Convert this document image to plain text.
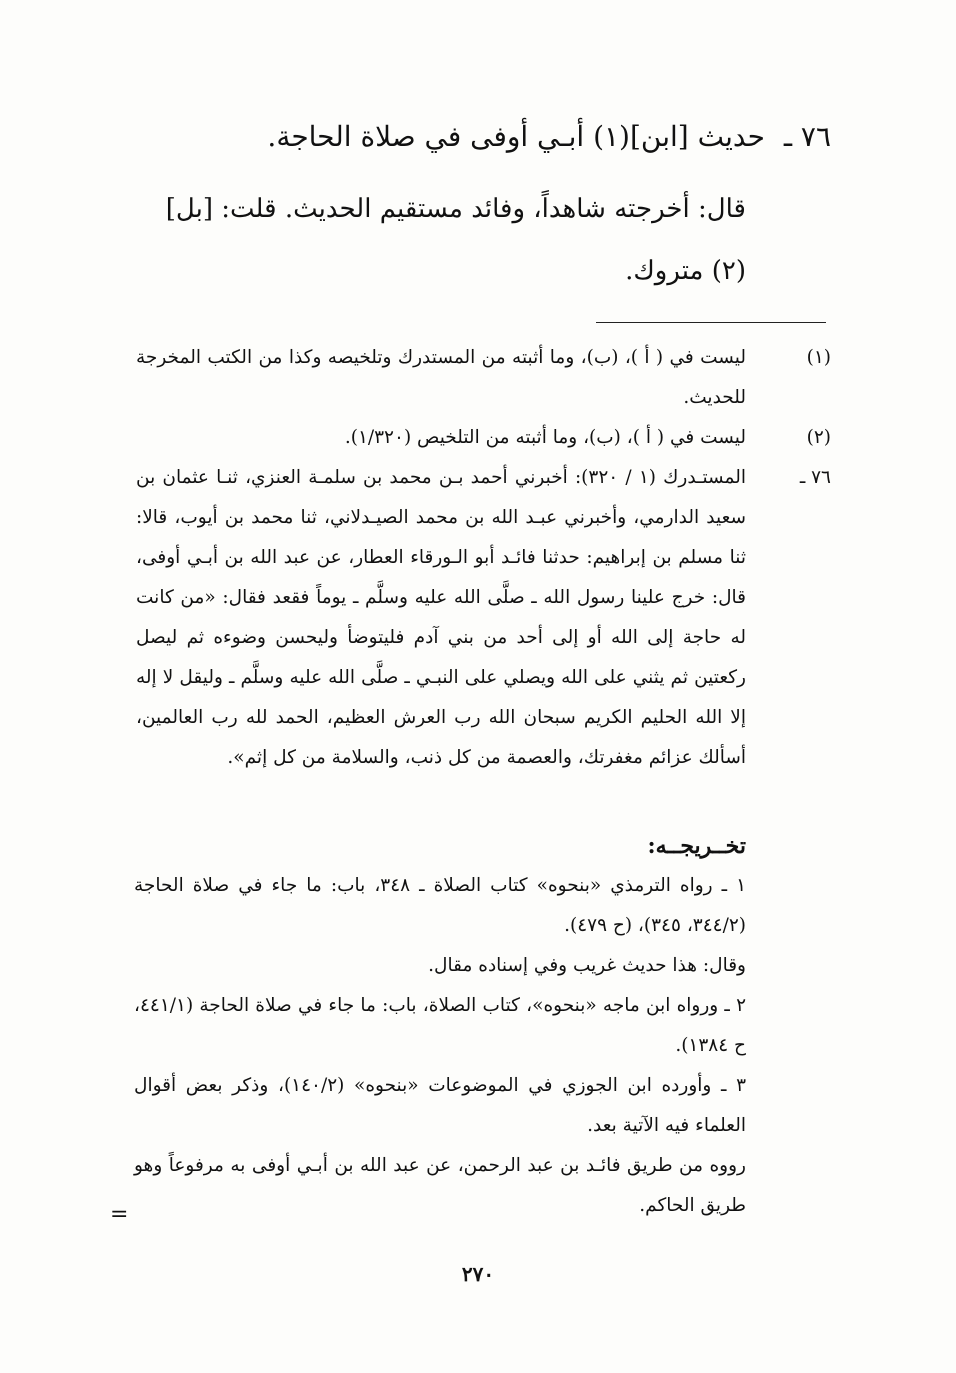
٧٦ ـ حديث [ابن](١) أبـي أوفى في صلاة الحاجة.
قال: أخرجته شاهداً، وفائد مستقيم الحديث. قلت: [بل](٢) متروك.
(١)
ليست في ( أ )، (ب)، وما أثبته من المستدرك وتلخيصه وكذا من الكتب المخرجة للحديث.
(٢)
ليست في ( أ )، (ب)، وما أثبته من التلخيص (١/٣٢٠).
٧٦ ـ
المستـدرك (١ / ٣٢٠): أخبرني أحمد بـن محمد بن سلمـة العنزي، ثنـا عثمان بن سعيد الدارمي، وأخبرني عبـد الله بن محمد الصيـدلاني، ثنا محمد بن أيوب، قالا: ثنا مسلم بن إبراهيم: حدثنا فائـد أبو الـورقاء العطار، عن عبد الله بن أبـي أوفى، قال: خرج علينا رسول الله ـ صلَّى الله عليه وسلَّم ـ يوماً فقعد فقال: «من كانت له حاجة إلى الله أو إلى أحد من بني آدم فليتوضأ وليحسن وضوءه ثم ليصل ركعتين ثم يثني على الله ويصلي على النبـي ـ صلَّى الله عليه وسلَّم ـ وليقل لا إله إلا الله الحليم الكريم سبحان الله رب العرش العظيم، الحمد لله رب العالمين، أسألك عزائم مغفرتك، والعصمة من كل ذنب، والسلامة من كل إثم».
تخــريجــه:
١ ـ رواه الترمذي «بنحوه» كتاب الصلاة ـ ٣٤٨، باب: ما جاء في صلاة الحاجة (٣٤٤/٢، ٣٤٥)، (ح ٤٧٩).
وقال: هذا حديث غريب وفي إسناده مقال.
٢ ـ ورواه ابن ماجه «بنحوه»، كتاب الصلاة، باب: ما جاء في صلاة الحاجة (٤٤١/١، ح ١٣٨٤).
٣ ـ وأورده ابن الجوزي في الموضوعات «بنحوه» (١٤٠/٢)، وذكر بعض أقوال العلماء فيه الآتية بعد.
رووه من طريق فائـد بن عبد الرحمن، عن عبد الله بن أبـي أوفى به مرفوعاً وهو طريق الحاكم.
=
٢٧٠
